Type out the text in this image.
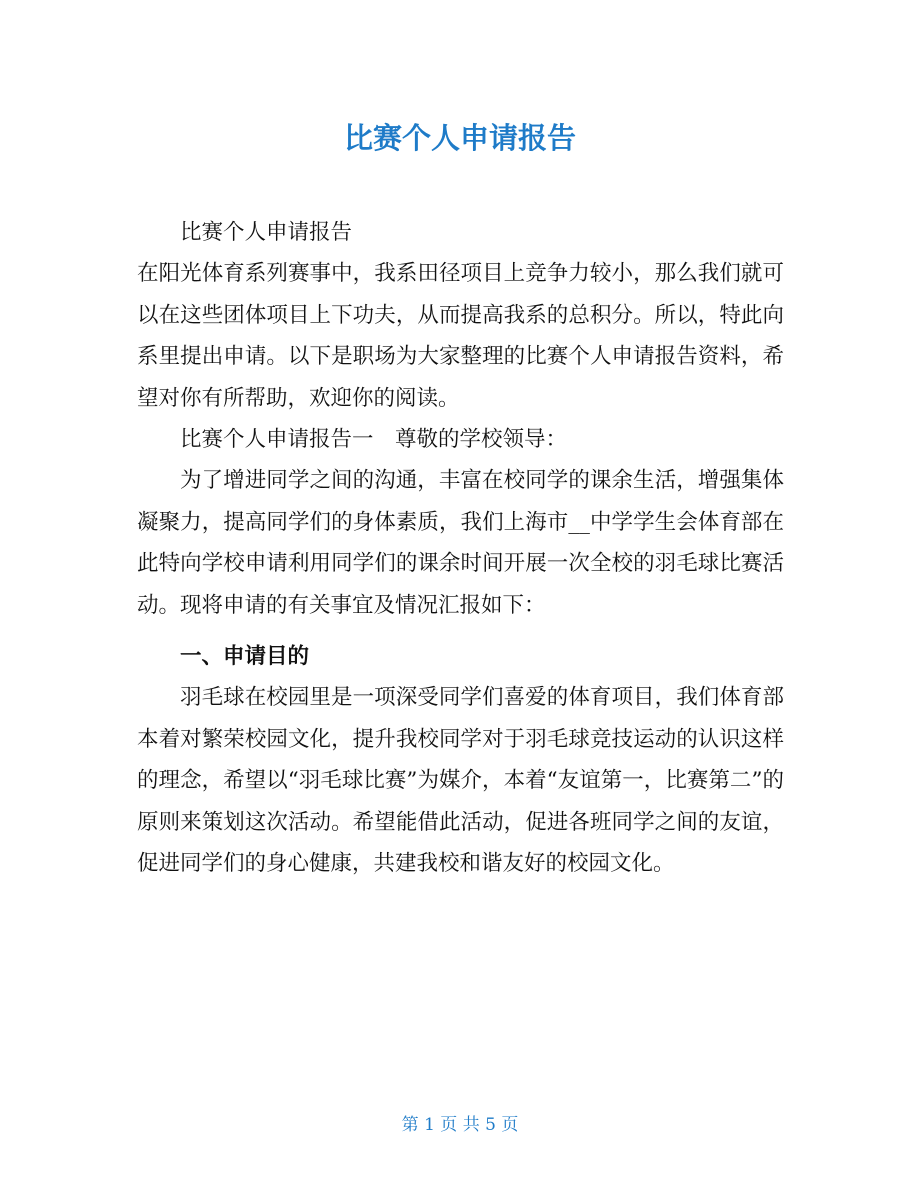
比赛个人申请报告

比赛个人申请报告

在阳光体育系列赛事中，我系田径项目上竞争力较小，那么我们就可以在这些团体项目上下功夫，从而提高我系的总积分。所以，特此向系里提出申请。以下是职场为大家整理的比赛个人申请报告资料，希望对你有所帮助，欢迎你的阅读。

比赛个人申请报告一　尊敬的学校领导：

为了增进同学之间的沟通，丰富在校同学的课余生活，增强集体凝聚力，提高同学们的身体素质，我们上海市__中学学生会体育部在此特向学校申请利用同学们的课余时间开展一次全校的羽毛球比赛活动。现将申请的有关事宜及情况汇报如下：

一、申请目的

羽毛球在校园里是一项深受同学们喜爱的体育项目，我们体育部本着对繁荣校园文化，提升我校同学对于羽毛球竞技运动的认识这样的理念，希望以“羽毛球比赛”为媒介，本着“友谊第一，比赛第二”的原则来策划这次活动。希望能借此活动，促进各班同学之间的友谊，促进同学们的身心健康，共建我校和谐友好的校园文化。

第 1 页 共 5 页
